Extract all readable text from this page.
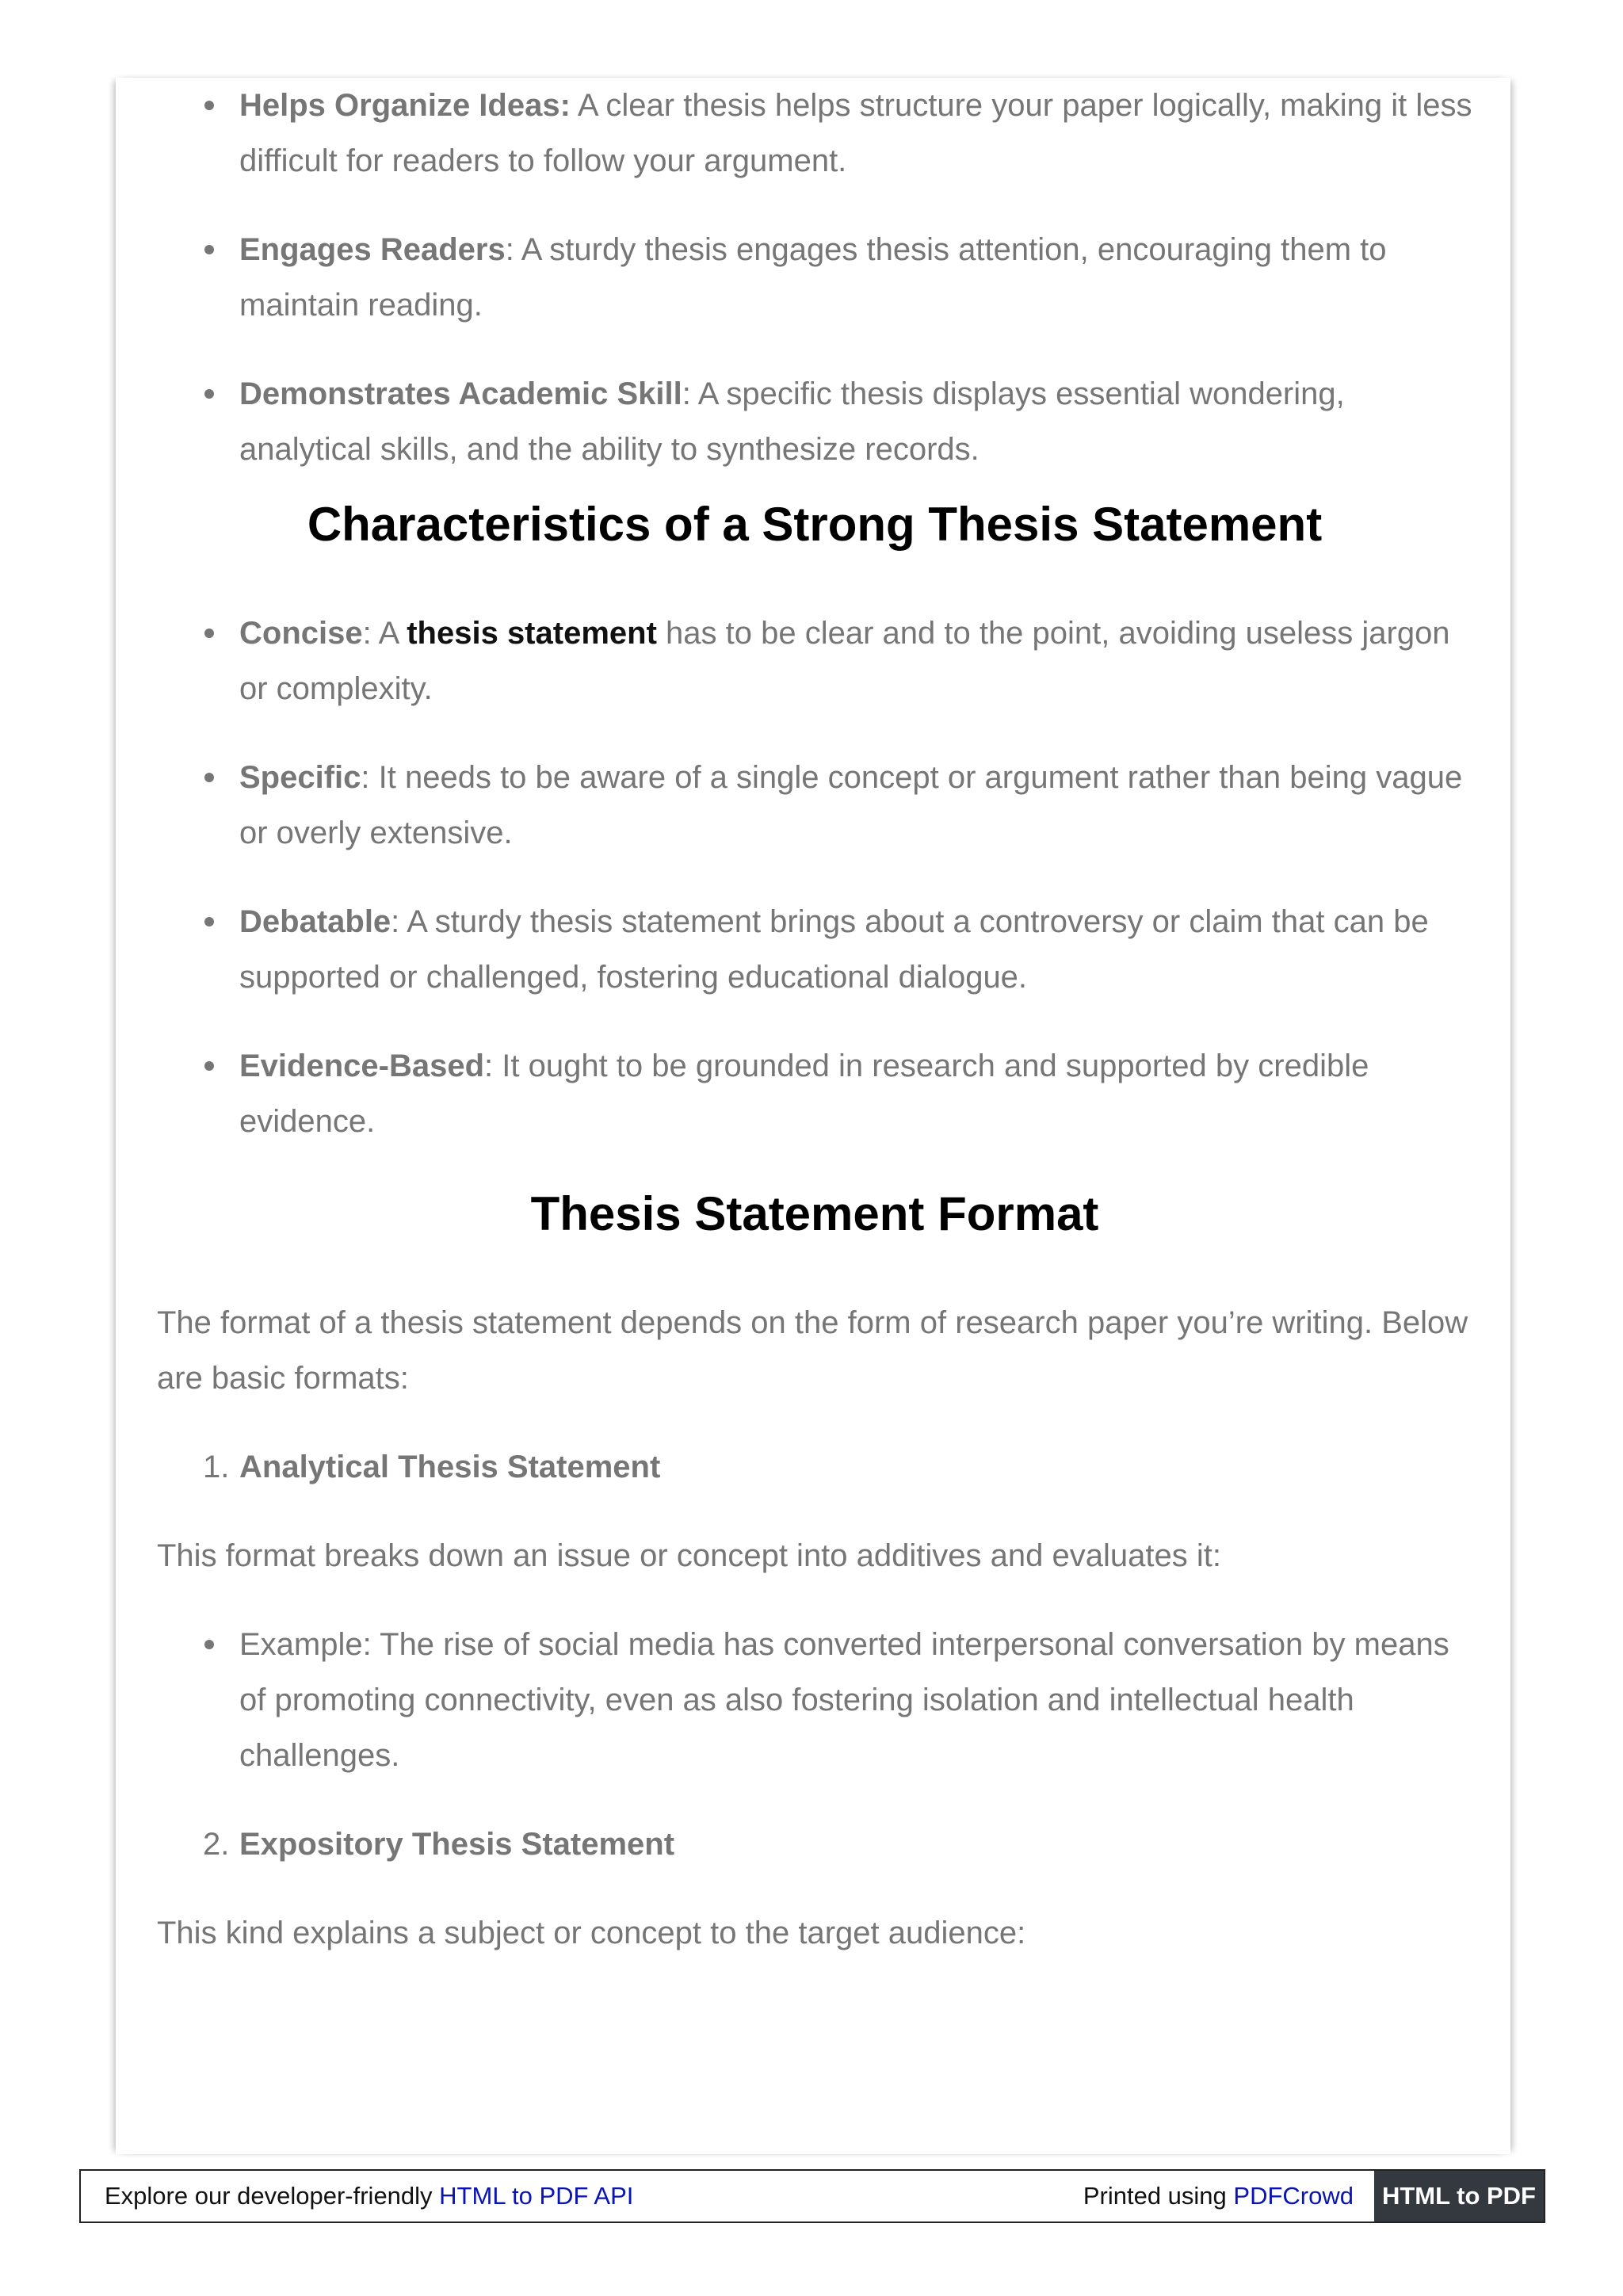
Helps Organize Ideas: A clear thesis helps structure your paper logically, making it less difficult for readers to follow your argument.
Engages Readers: A sturdy thesis engages thesis attention, encouraging them to maintain reading.
Demonstrates Academic Skill: A specific thesis displays essential wondering, analytical skills, and the ability to synthesize records.
Characteristics of a Strong Thesis Statement
Concise: A thesis statement has to be clear and to the point, avoiding useless jargon or complexity.
Specific: It needs to be aware of a single concept or argument rather than being vague or overly extensive.
Debatable: A sturdy thesis statement brings about a controversy or claim that can be supported or challenged, fostering educational dialogue.
Evidence-Based: It ought to be grounded in research and supported by credible evidence.
Thesis Statement Format

The format of a thesis statement depends on the form of research paper you’re writing. Below are basic formats:

1. Analytical Thesis Statement

This format breaks down an issue or concept into additives and evaluates it:

Example: The rise of social media has converted interpersonal conversation by means of promoting connectivity, even as also fostering isolation and intellectual health challenges.
2. Expository Thesis Statement

This kind explains a subject or concept to the target audience:

Explore our developer-friendly HTML to PDF API	Printed using PDFCrowd	HTML to PDF
